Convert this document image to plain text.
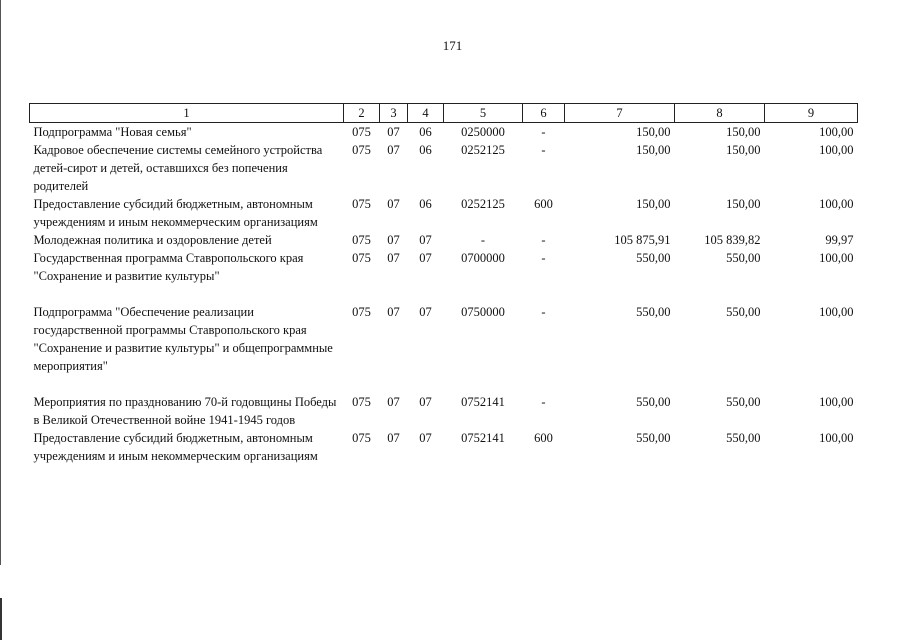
171
1	2	3	4	5	6	7	8	9
Подпрограмма "Новая семья"	075	07	06	0250000	-	150,00	150,00	100,00
Кадровое обеспечение системы семейного устройства детей-сирот и детей, оставшихся без попечения родителей	075	07	06	0252125	-	150,00	150,00	100,00
Предоставление субсидий бюджетным, автономным учреждениям и иным некоммерческим организациям	075	07	06	0252125	600	150,00	150,00	100,00
Молодежная политика и оздоровление детей	075	07	07	-	-	105 875,91	105 839,82	99,97
Государственная программа Ставропольского края "Сохранение и развитие культуры"	075	07	07	0700000	-	550,00	550,00	100,00

Подпрограмма "Обеспечение реализации государственной программы Ставропольского края "Сохранение и развитие культуры" и общепрограммные мероприятия"	075	07	07	0750000	-	550,00	550,00	100,00

Мероприятия по празднованию 70-й годовщины Победы в Великой Отечественной войне 1941-1945 годов	075	07	07	0752141	-	550,00	550,00	100,00
Предоставление субсидий бюджетным, автономным учреждениям и иным некоммерческим организациям	075	07	07	0752141	600	550,00	550,00	100,00
